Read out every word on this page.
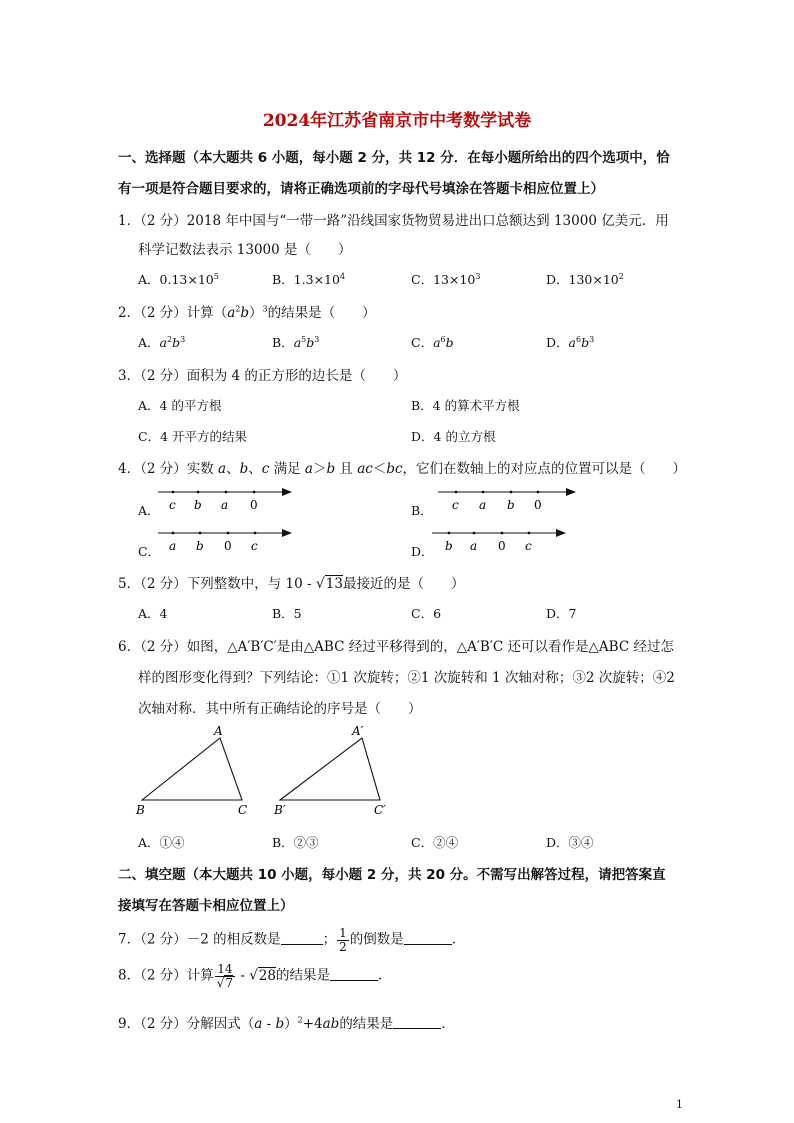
2024年江苏省南京市中考数学试卷
一、选择题（本大题共 6 小题，每小题 2 分，共 12 分．在每小题所给出的四个选项中，恰
有一项是符合题目要求的，请将正确选项前的字母代号填涂在答题卡相应位置上）
1．（2 分）2018 年中国与“一带一路”沿线国家货物贸易进出口总额达到 13000 亿美元．用
科学记数法表示 13000 是（　　）
A．$0.13\times 10^5$	B．$1.3\times 10^4$	C．$13\times 10^3$	D．$130\times 10^2$
2．（2 分）计算$(a^2b)^3$的结果是（　　）
A．$a^2b^3$	B．$a^5b^3$	C．$a^6b$	D．$a^6b^3$
3．（2 分）面积为 4 的正方形的边长是（　　）
A．4 的平方根	B．4 的算术平方根
C．4 开平方的结果	D．4 的立方根
4．（2 分）实数 a、b、c 满足 a＞b 且 ac＜bc，它们在数轴上的对应点的位置可以是（　　）
A． c b a 0	B． c a b 0
C． a b 0 c	D． b a 0 c
5．（2 分）下列整数中，与 10 - √13最接近的是（　　）
A．4	B．5	C．6	D．7
6．（2 分）如图，△A′B′C′是由△ABC 经过平移得到的，△A′B′C 还可以看作是△ABC 经过怎
样的图形变化得到？下列结论：①1 次旋转；②1 次旋转和 1 次轴对称；③2 次旋转；④2
次轴对称．其中所有正确结论的序号是（　　）
A
B	C
A′
B′	C′
A．①④	B．②③	C．②④	D．③④
二、填空题（本大题共 10 小题，每小题 2 分，共 20 分。不需写出解答过程，请把答案直
接填写在答题卡相应位置上）
7．（2 分）－2 的相反数是	； $\frac{1}{2}$ 的倒数是	．
8．（2 分）计算 $\frac{14}{√7} - √28$的结果是	．
9．（2 分）分解因式（a - b）$^2$+4ab的结果是	．
1
